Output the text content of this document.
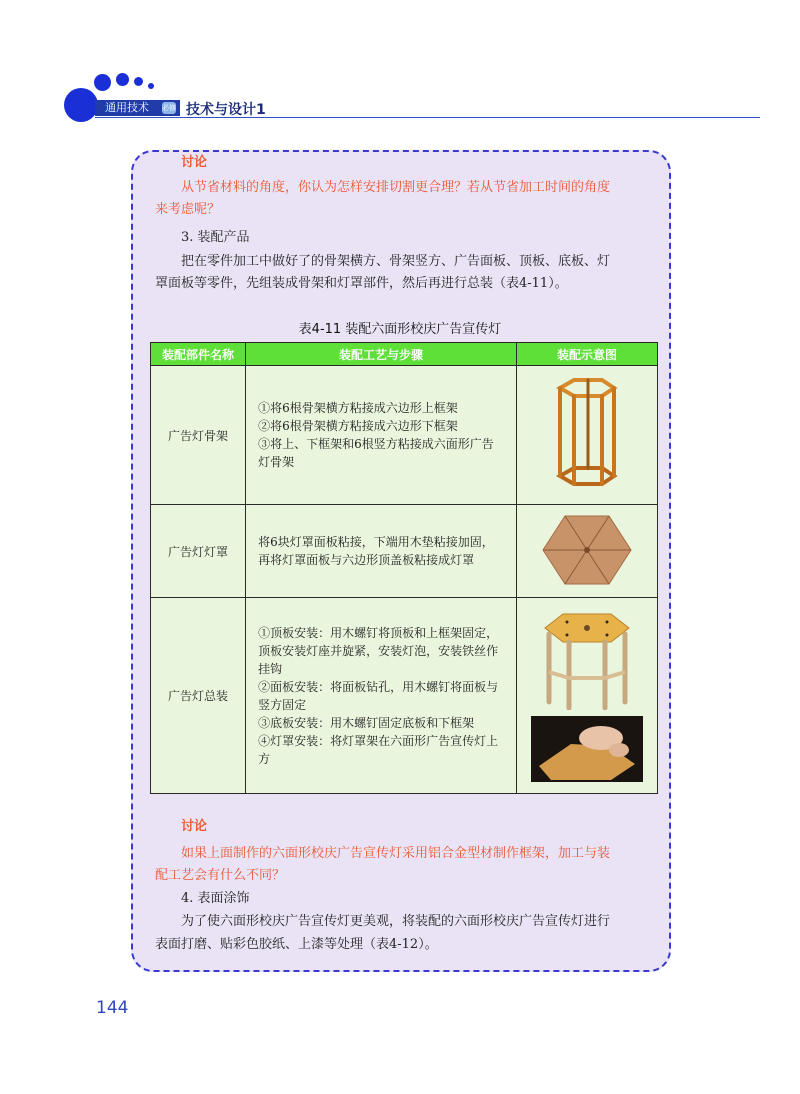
通用技术	必修 技术与设计1
讨论
从节省材料的角度，你认为怎样安排切割更合理？若从节省加工时间的角度
来考虑呢？
3. 装配产品
把在零件加工中做好了的骨架横方、骨架竖方、广告面板、顶板、底板、灯
罩面板等零件，先组装成骨架和灯罩部件，然后再进行总装（表4-11）。
表4-11 装配六面形校庆广告宣传灯
装配部件名称	装配工艺与步骤	装配示意图
广告灯骨架	①将6根骨架横方粘接成六边形上框架
②将6根骨架横方粘接成六边形下框架
③将上、下框架和6根竖方粘接成六面形广告灯骨架

广告灯灯罩	将6块灯罩面板粘接，下端用木垫粘接加固，再将灯罩面板与六边形顶盖板粘接成灯罩

广告灯总装	①顶板安装：用木螺钉将顶板和上框架固定，顶板安装灯座并旋紧，安装灯泡，安装铁丝作挂钩
②面板安装：将面板钻孔，用木螺钉将面板与竖方固定
③底板安装：用木螺钉固定底板和下框架
④灯罩安装：将灯罩架在六面形广告宣传灯上方

讨论
如果上面制作的六面形校庆广告宣传灯采用铝合金型材制作框架，加工与装
配工艺会有什么不同？
4. 表面涂饰
为了使六面形校庆广告宣传灯更美观，将装配的六面形校庆广告宣传灯进行
表面打磨、贴彩色胶纸、上漆等处理（表4-12）。
144
